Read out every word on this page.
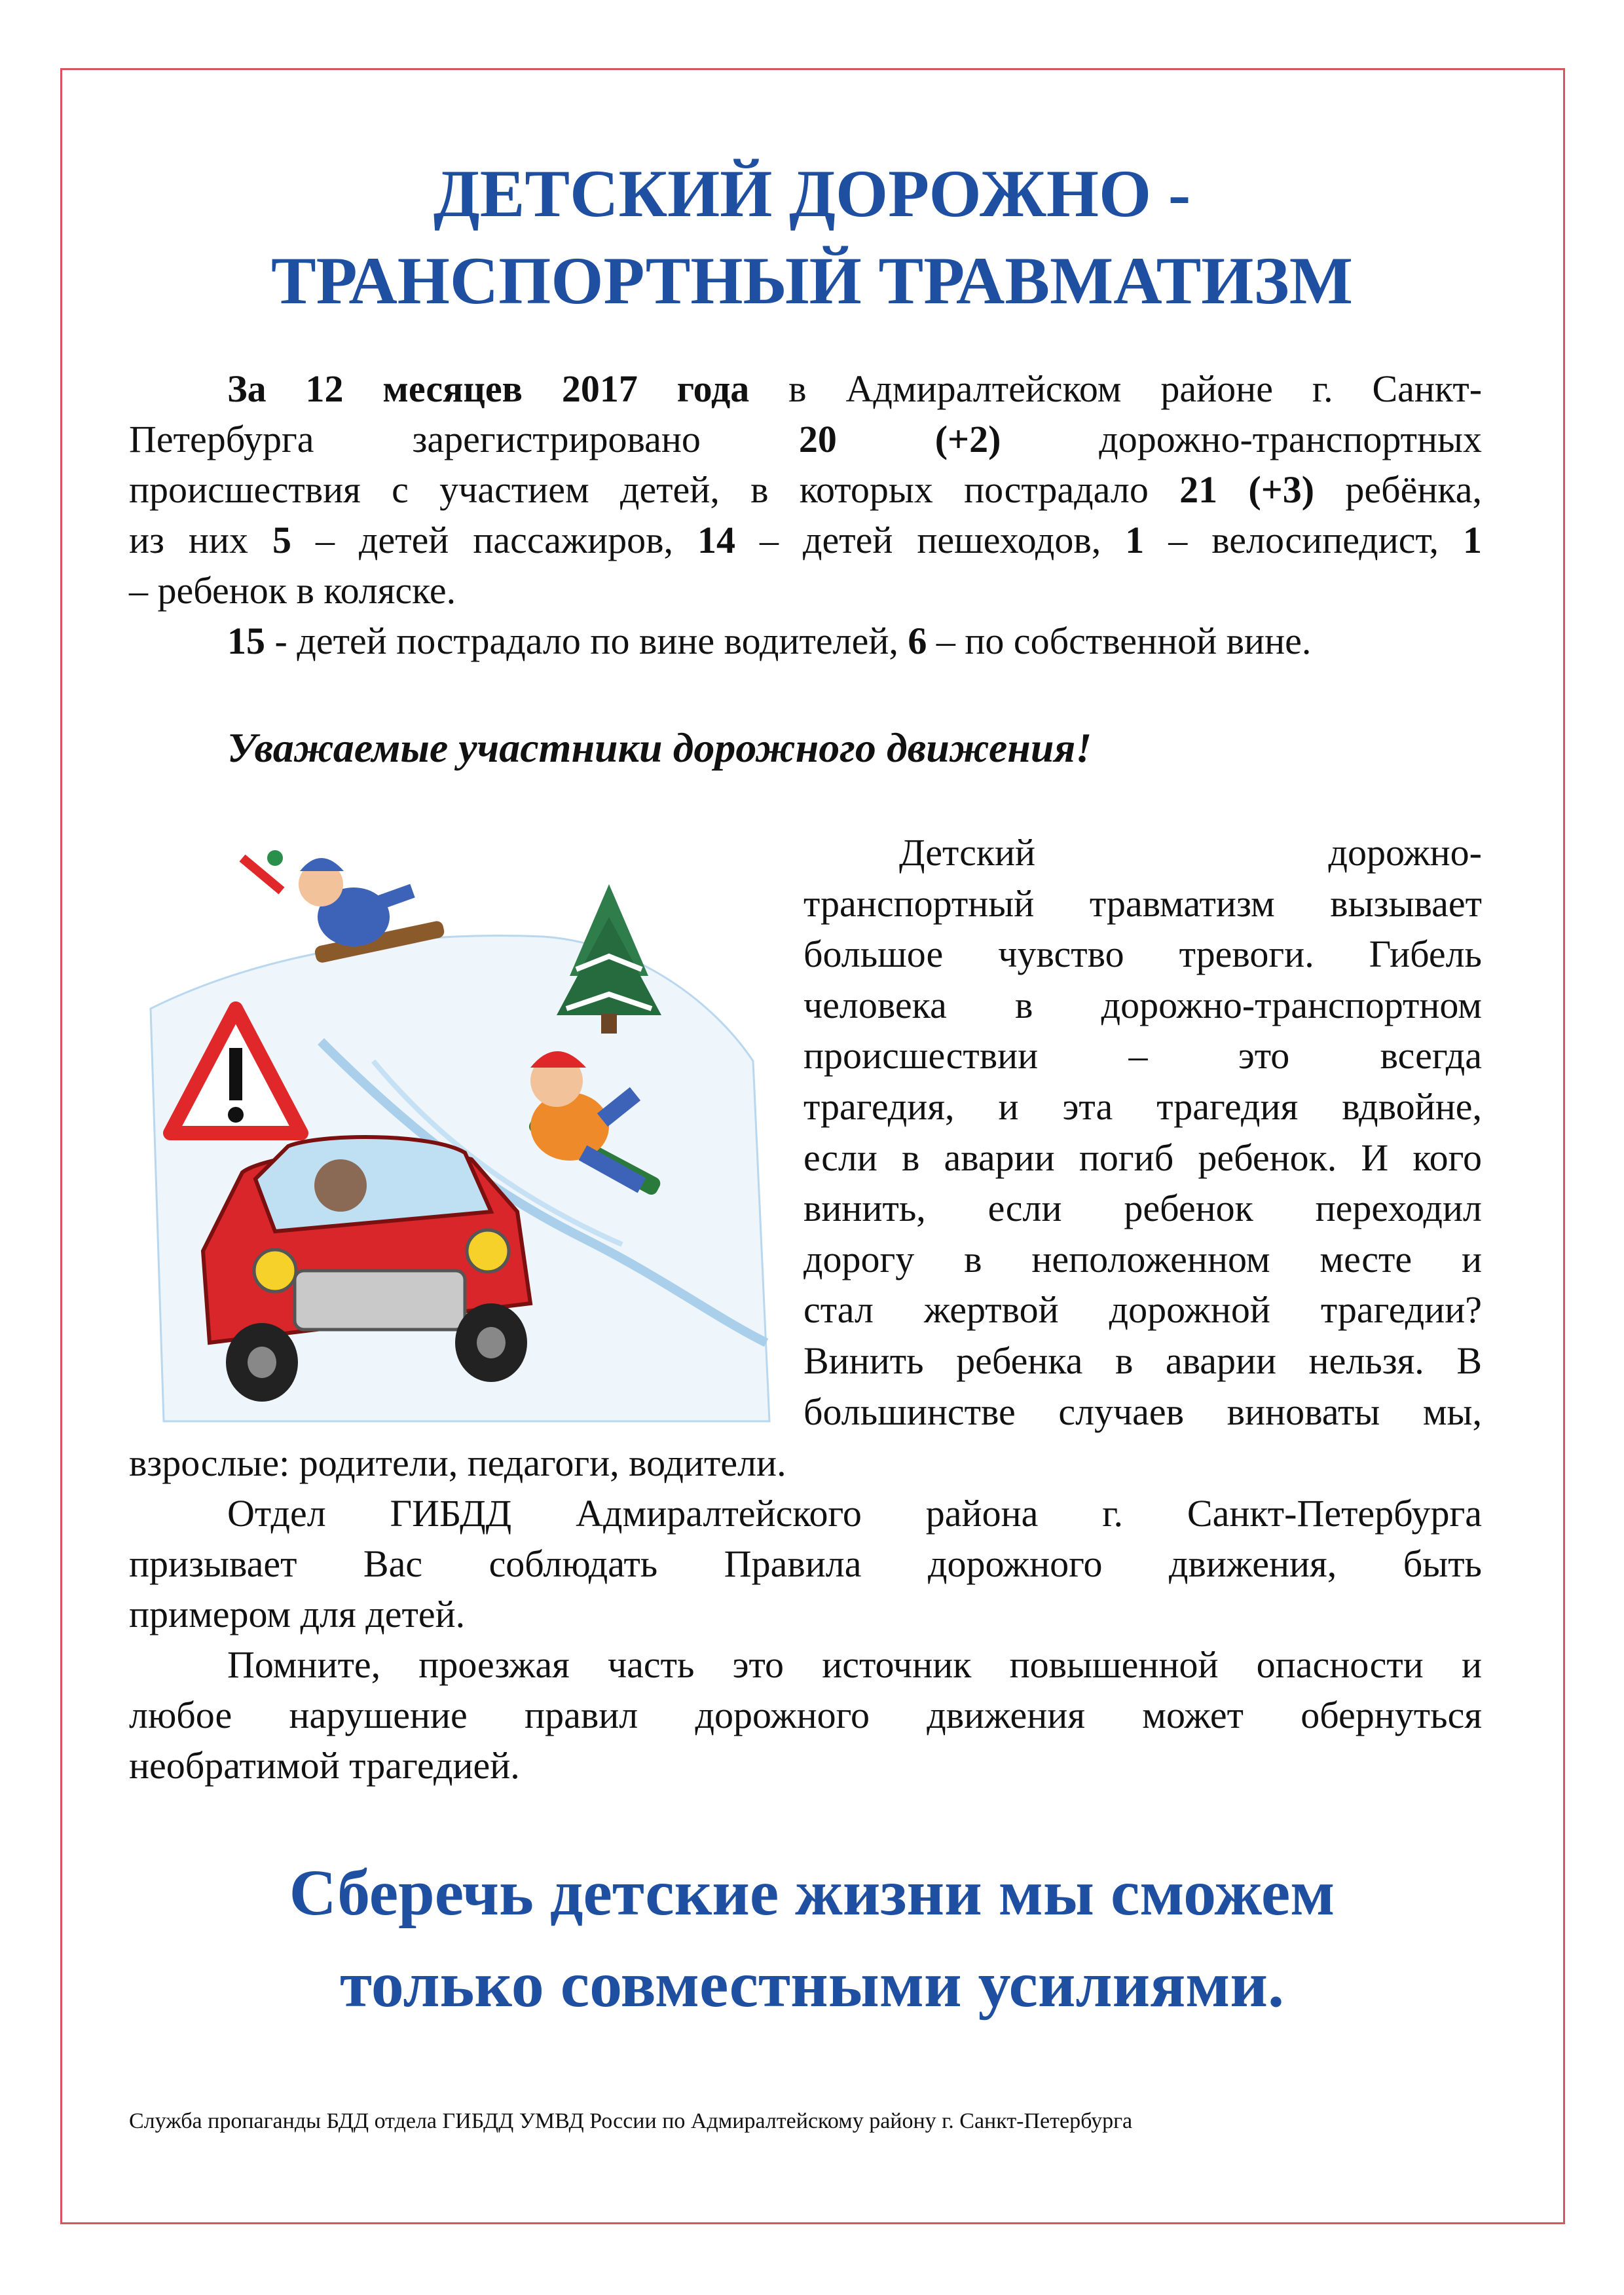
ДЕТСКИЙ ДОРОЖНО -
ТРАНСПОРТНЫЙ ТРАВМАТИЗМ
За 12 месяцев 2017 года в Адмиралтейском районе г. Санкт-
Петербурга зарегистрировано 20 (+2) дорожно-транспортных
происшествия с участием детей, в которых пострадало 21 (+3) ребёнка,
из них 5 – детей пассажиров, 14 – детей пешеходов, 1 – велосипедист, 1
– ребенок в коляске.
15 - детей пострадало по вине водителей, 6 – по собственной вине.
Уважаемые участники дорожного движения!
Детский дорожно-
транспортный травматизм вызывает
большое чувство тревоги. Гибель
человека в дорожно-транспортном
происшествии – это всегда
трагедия, и эта трагедия вдвойне,
если в аварии погиб ребенок. И кого
винить, если ребенок переходил
дорогу в неположенном месте и
стал жертвой дорожной трагедии?
Винить ребенка в аварии нельзя. В
большинстве случаев виноваты мы,
взрослые: родители, педагоги, водители.
Отдел ГИБДД Адмиралтейского района г. Санкт-Петербурга
призывает Вас соблюдать Правила дорожного движения, быть
примером для детей.
Помните, проезжая часть это источник повышенной опасности и
любое нарушение правил дорожного движения может обернуться
необратимой трагедией.
Сберечь детские жизни мы сможем
только совместными усилиями.
Служба пропаганды БДД отдела ГИБДД УМВД России по Адмиралтейскому району г. Санкт-Петербурга
